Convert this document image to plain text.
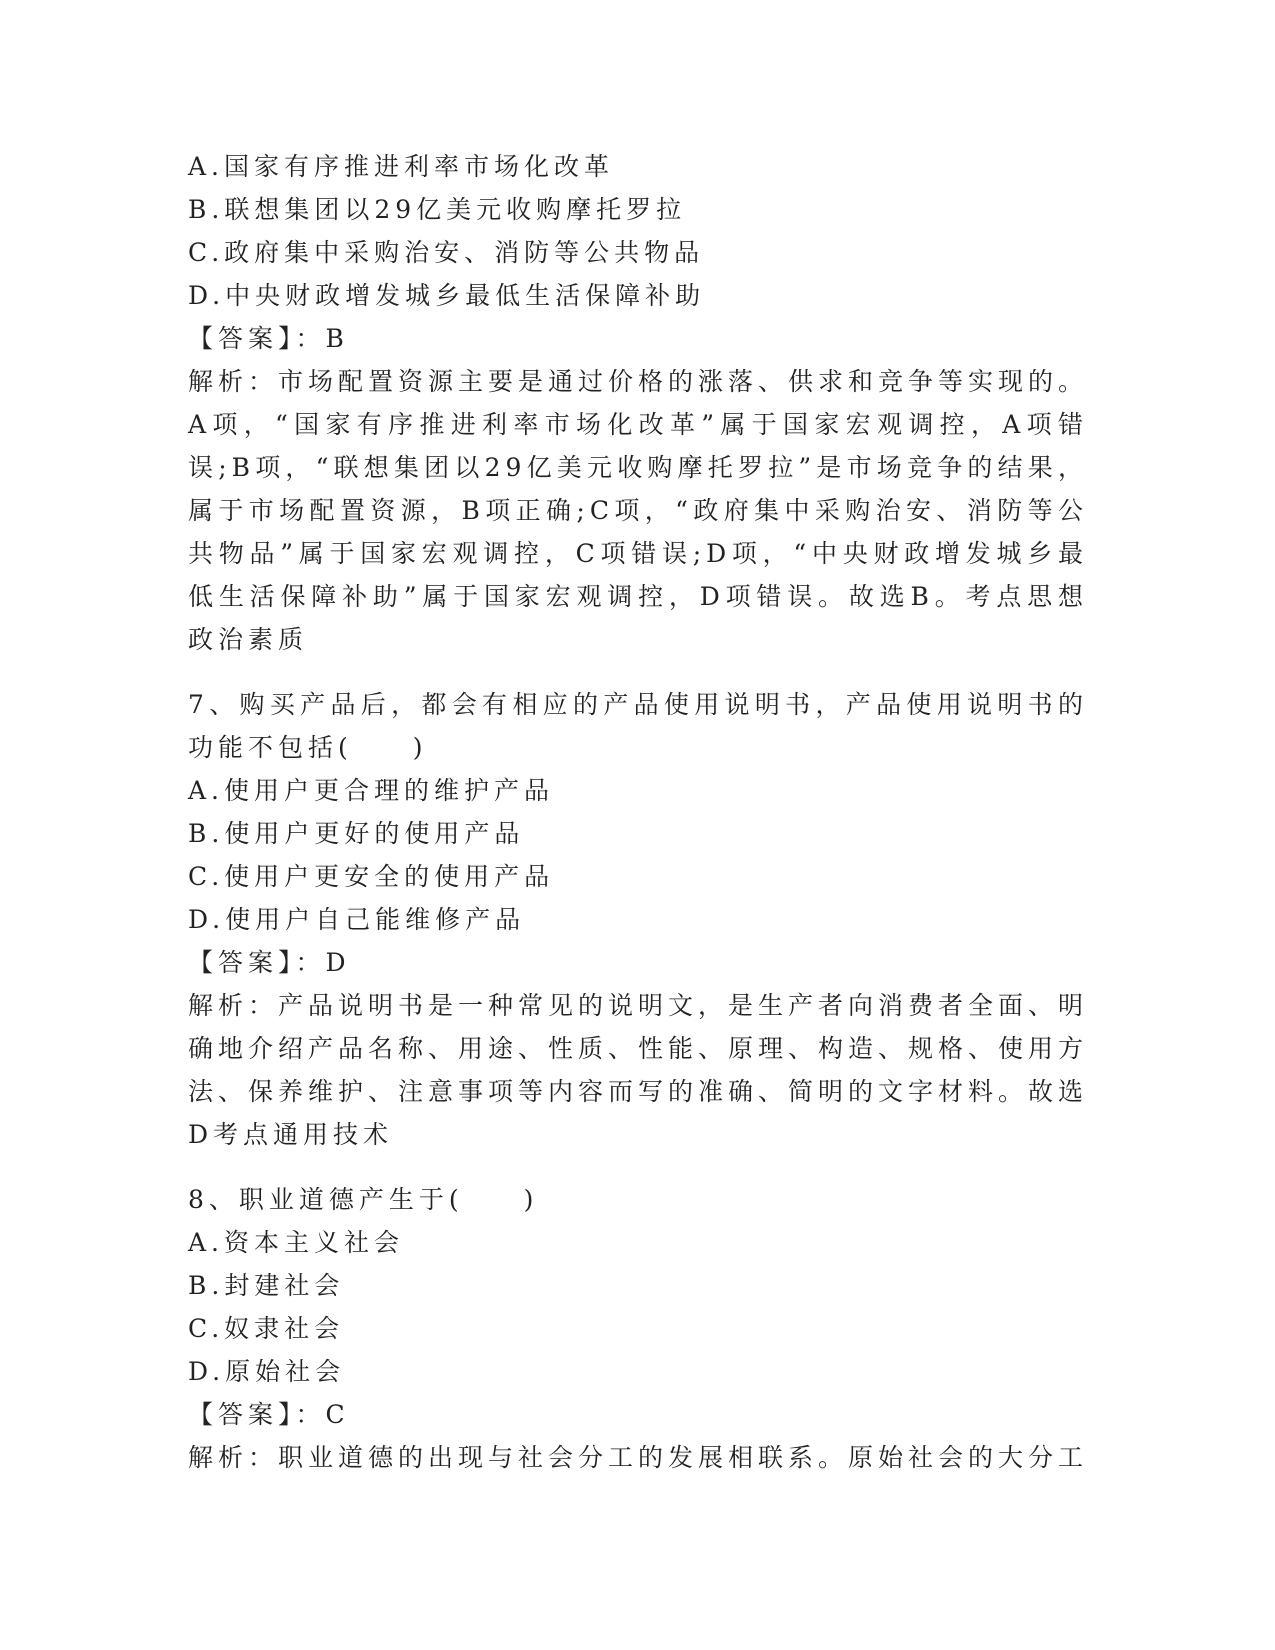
A.国家有序推进利率市场化改革
B.联想集团以29亿美元收购摩托罗拉
C.政府集中采购治安、消防等公共物品
D.中央财政增发城乡最低生活保障补助
【答案】：B
解析：市场配置资源主要是通过价格的涨落、供求和竞争等实现的。A项，“国家有序推进利率市场化改革”属于国家宏观调控，A项错误;B项，“联想集团以29亿美元收购摩托罗拉”是市场竞争的结果，属于市场配置资源，B项正确;C项，“政府集中采购治安、消防等公共物品”属于国家宏观调控，C项错误;D项，“中央财政增发城乡最低生活保障补助”属于国家宏观调控，D项错误。故选B。考点思想政治素质
7、购买产品后，都会有相应的产品使用说明书，产品使用说明书的功能不包括(　　)
A.使用户更合理的维护产品
B.使用户更好的使用产品
C.使用户更安全的使用产品
D.使用户自己能维修产品
【答案】：D
解析：产品说明书是一种常见的说明文，是生产者向消费者全面、明确地介绍产品名称、用途、性质、性能、原理、构造、规格、使用方法、保养维护、注意事项等内容而写的准确、简明的文字材料。故选D考点通用技术
8、职业道德产生于(　　)
A.资本主义社会
B.封建社会
C.奴隶社会
D.原始社会
【答案】：C
解析：职业道德的出现与社会分工的发展相联系。原始社会的大分工
